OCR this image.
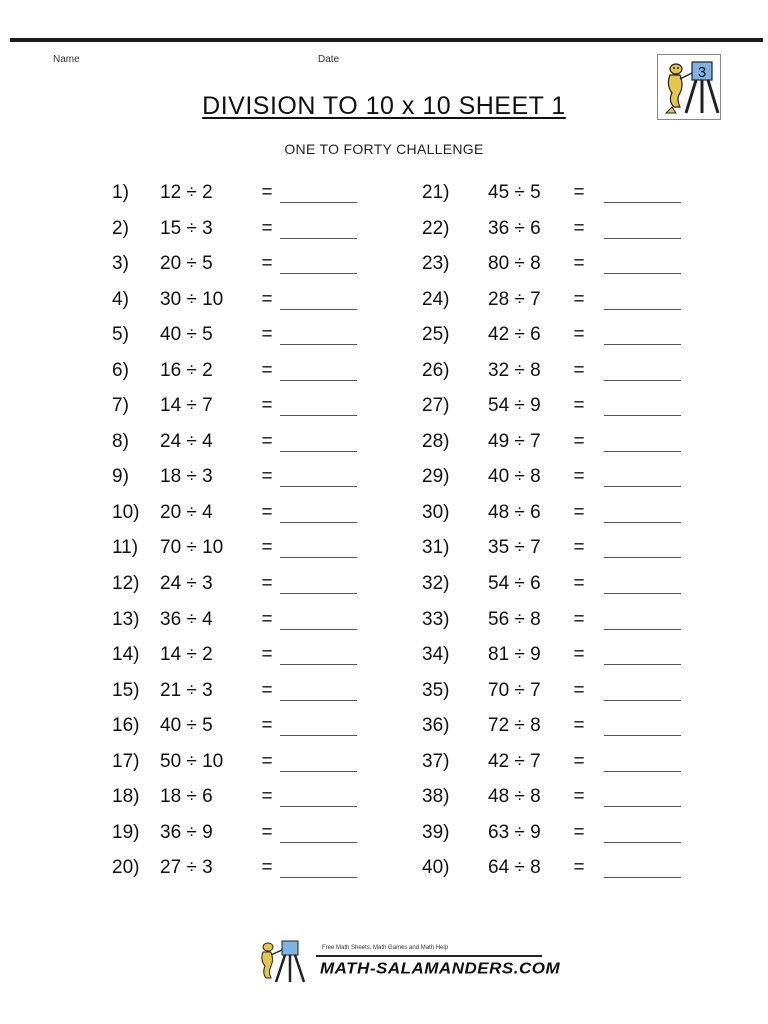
Name	Date
3
DIVISION TO 10 x 10 SHEET 1
ONE TO FORTY CHALLENGE
1)	12 ÷ 2	=
2)	15 ÷ 3	=
3)	20 ÷ 5	=
4)	30 ÷ 10 =
5)	40 ÷ 5	=
6)	16 ÷ 2	=
7)	14 ÷ 7	=
8)	24 ÷ 4	=
9)	18 ÷ 3	=
10)	20 ÷ 4	=
11)	70 ÷ 10 =
12)	24 ÷ 3	=
13)	36 ÷ 4	=
14)	14 ÷ 2	=
15)	21 ÷ 3	=
16)	40 ÷ 5	=
17)	50 ÷ 10 =
18)	18 ÷ 6	=
19)	36 ÷ 9	=
20)	27 ÷ 3	=
21)	45 ÷ 5 =
22)	36 ÷ 6 =
23)	80 ÷ 8 =
24)	28 ÷ 7 =
25)	42 ÷ 6 =
26)	32 ÷ 8 =
27)	54 ÷ 9 =
28)	49 ÷ 7 =
29)	40 ÷ 8 =
30)	48 ÷ 6 =
31)	35 ÷ 7 =
32)	54 ÷ 6 =
33)	56 ÷ 8 =
34)	81 ÷ 9 =
35)	70 ÷ 7 =
36)	72 ÷ 8 =
37)	42 ÷ 7 =
38)	48 ÷ 8 =
39)	63 ÷ 9 =
40)	64 ÷ 8 =
Free Math Sheets, Math Games and Math Help
MATH-SALAMANDERS.COM
